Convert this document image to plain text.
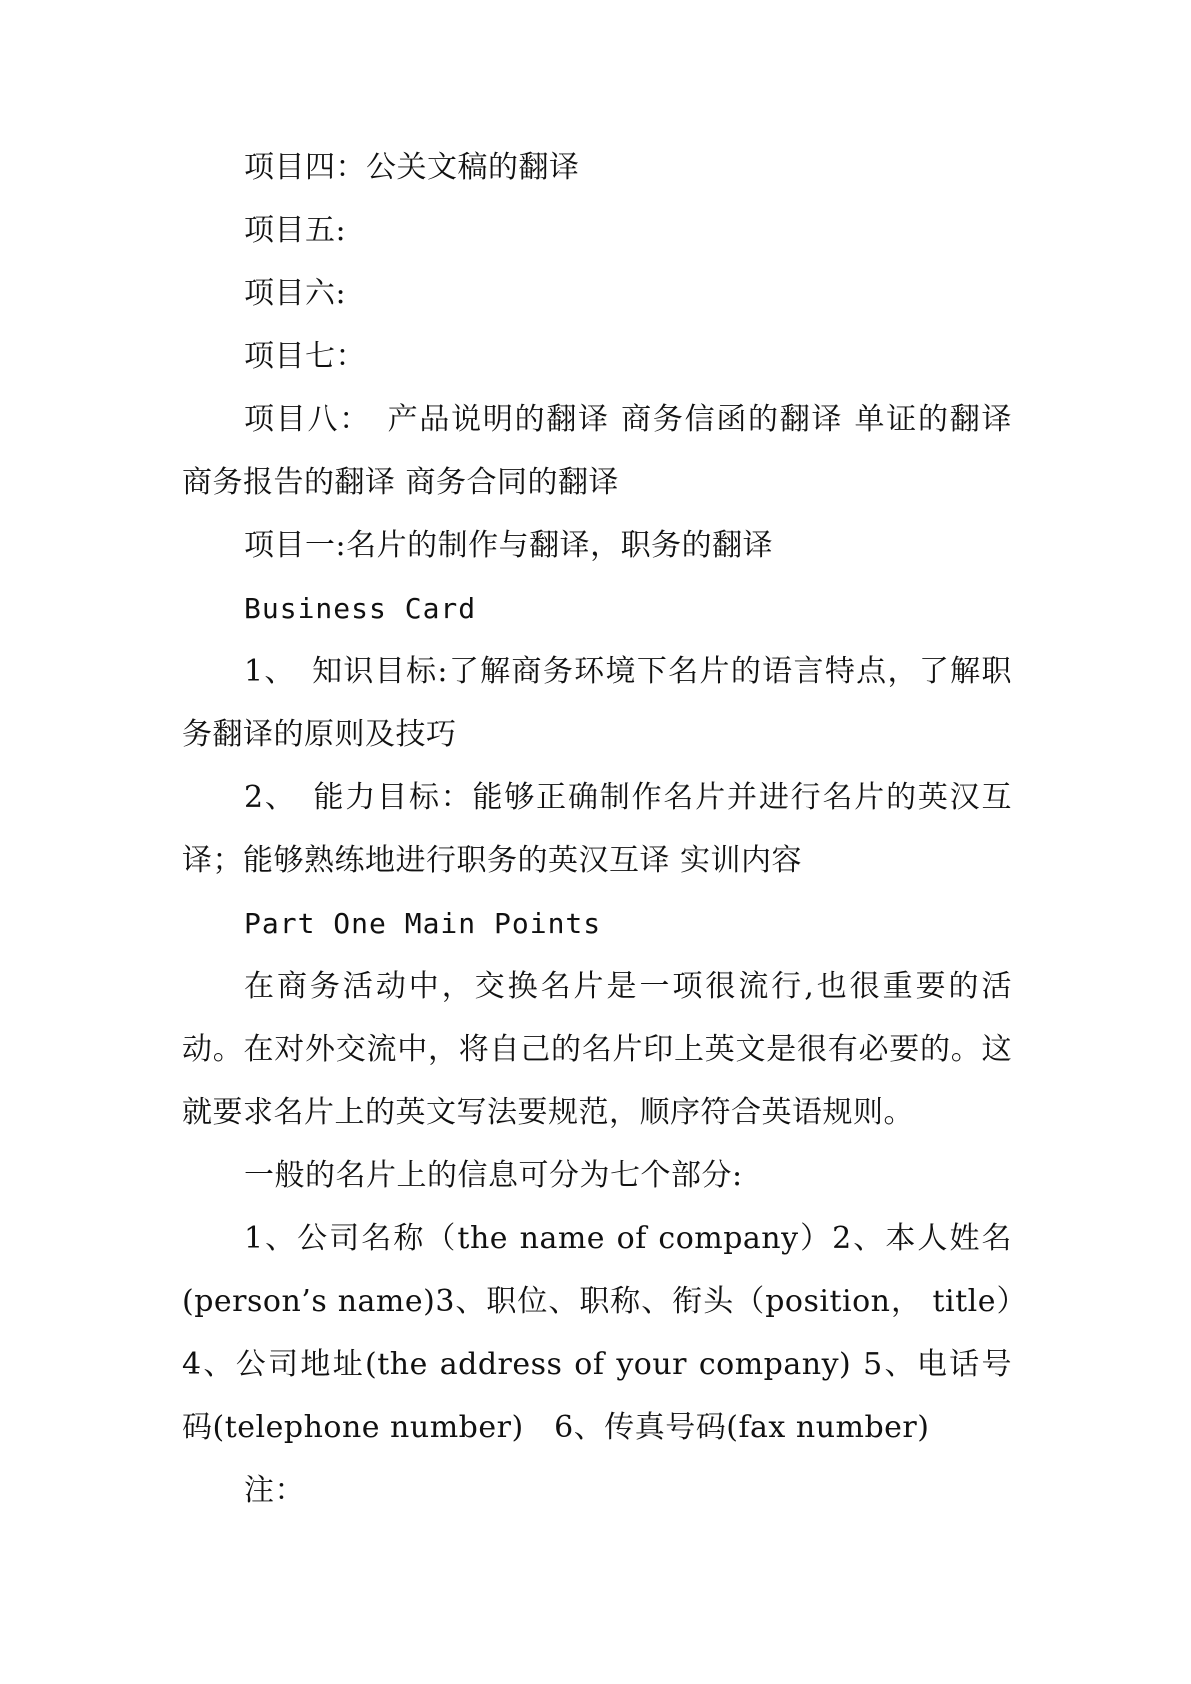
项目四：公关文稿的翻译

项目五:

项目六:

项目七：

项目八：　产品说明的翻译 商务信函的翻译 单证的翻译 商务报告的翻译 商务合同的翻译

项目一:名片的制作与翻译，职务的翻译

Business Card

1、　知识目标:了解商务环境下名片的语言特点，了解职务翻译的原则及技巧

2、　能力目标：能够正确制作名片并进行名片的英汉互译；能够熟练地进行职务的英汉互译 实训内容

Part One Main Points

在商务活动中，交换名片是一项很流行,也很重要的活动。在对外交流中，将自己的名片印上英文是很有必要的。这就要求名片上的英文写法要规范，顺序符合英语规则。

一般的名片上的信息可分为七个部分:

1、公司名称（the name of company）2、本人姓名(person’s name)3、职位、职称、衔头（position， title）4、公司地址(the address of your company) 5、电话号码(telephone number)　6、传真号码(fax number)

注：
